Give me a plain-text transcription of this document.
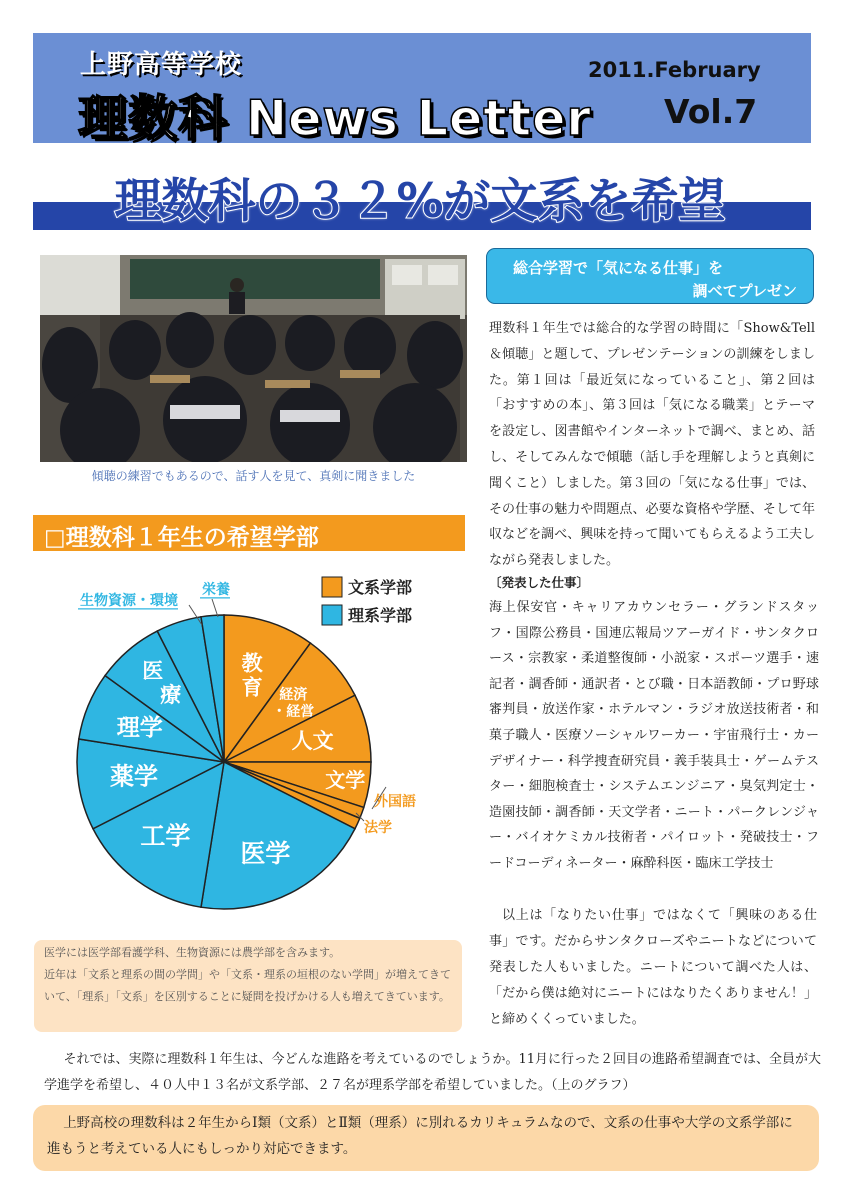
上野高等学校	2011.February
理数科 News Letter Vol.7
理数科の３２%が文系を希望
傾聴の練習でもあるので、話す人を見て、真剣に聞きました
□理数科１年生の希望学部
教
育 経済
・経営
人文
文学
外国語
法学
医学
工学
薬学
理学
医
療
生物資源・環境
栄養	文系学部
理系学部
医学には医学部看護学科、生物資源には農学部を含みます。
近年は「文系と理系の間の学問」や「文系・理系の垣根のない学問」が増えてきていて、「理系」「文系」を区別することに疑問を投げかける人も増えてきています。
総合学習で「気になる仕事」を
調べてプレゼン
理数科１年生では総合的な学習の時間に「Show&Tell＆傾聴」と題して、プレゼンテーションの訓練をしました。第１回は「最近気になっていること」、第２回は「おすすめの本」、第３回は「気になる職業」とテーマを設定し、図書館やインターネットで調べ、まとめ、話し、そしてみんなで傾聴（話し手を理解しようと真剣に聞くこと）しました。第３回の「気になる仕事」では、その仕事の魅力や問題点、必要な資格や学歴、そして年収などを調べ、興味を持って聞いてもらえるよう工夫しながら発表しました。
〔発表した仕事〕
海上保安官・キャリアカウンセラー・グランドスタッフ・国際公務員・国連広報局ツアーガイド・サンタクロース・宗教家・柔道整復師・小説家・スポーツ選手・速記者・調香師・通訳者・とび職・日本語教師・プロ野球審判員・放送作家・ホテルマン・ラジオ放送技術者・和菓子職人・医療ソーシャルワーカー・宇宙飛行士・カーデザイナー・科学捜査研究員・義手装具士・ゲームテスター・細胞検査士・システムエンジニア・臭気判定士・造園技師・調香師・天文学者・ニート・パークレンジャー・バイオケミカル技術者・パイロット・発破技士・フードコーディネーター・麻酔科医・臨床工学技士
以上は「なりたい仕事」ではなくて「興味のある仕事」です。だからサンタクローズやニートなどについて発表した人もいました。ニートについて調べた人は、「だから僕は絶対にニートにはなりたくありません！」と締めくくっていました。
それでは、実際に理数科１年生は、今どんな進路を考えているのでしょうか。11月に行った２回目の進路希望調査では、全員が大学進学を希望し、４０人中１３名が文系学部、２７名が理系学部を希望していました。（上のグラフ）
上野高校の理数科は２年生からⅠ類（文系）とⅡ類（理系）に別れるカリキュラムなので、文系の仕事や大学の文系学部に進もうと考えている人にもしっかり対応できます。
